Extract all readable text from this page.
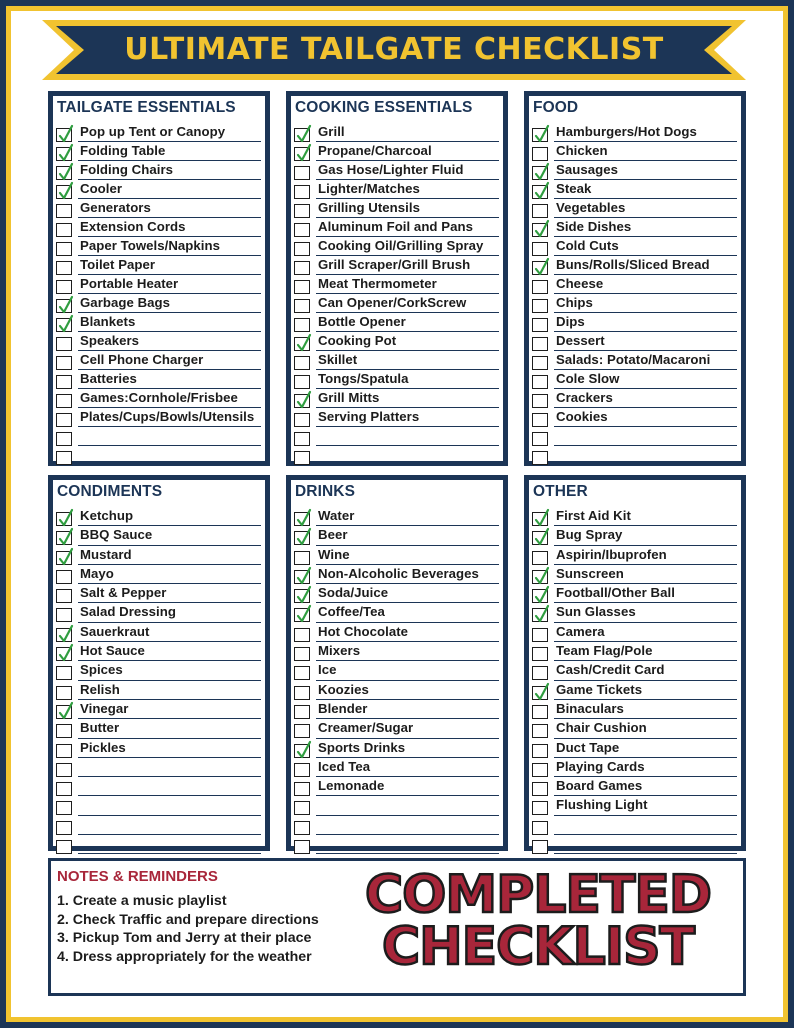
ULTIMATE TAILGATE CHECKLIST
TAILGATE ESSENTIALS
Pop up Tent or Canopy
Folding Table
Folding Chairs
Cooler
Generators
Extension Cords
Paper Towels/Napkins
Toilet Paper
Portable Heater
Garbage Bags
Blankets
Speakers
Cell Phone Charger
Batteries
Games:Cornhole/Frisbee
Plates/Cups/Bowls/Utensils
COOKING ESSENTIALS
Grill
Propane/Charcoal
Gas Hose/Lighter Fluid
Lighter/Matches
Grilling Utensils
Aluminum Foil and Pans
Cooking Oil/Grilling Spray
Grill Scraper/Grill Brush
Meat Thermometer
Can Opener/CorkScrew
Bottle Opener
Cooking Pot
Skillet
Tongs/Spatula
Grill Mitts
Serving Platters
FOOD
Hamburgers/Hot Dogs
Chicken
Sausages
Steak
Vegetables
Side Dishes
Cold Cuts
Buns/Rolls/Sliced Bread
Cheese
Chips
Dips
Dessert
Salads: Potato/Macaroni
Cole Slow
Crackers
Cookies
CONDIMENTS
Ketchup
BBQ Sauce
Mustard
Mayo
Salt & Pepper
Salad Dressing
Sauerkraut
Hot Sauce
Spices
Relish
Vinegar
Butter
Pickles
DRINKS
Water
Beer
Wine
Non-Alcoholic Beverages
Soda/Juice
Coffee/Tea
Hot Chocolate
Mixers
Ice
Koozies
Blender
Creamer/Sugar
Sports Drinks
Iced Tea
Lemonade
OTHER
First Aid Kit
Bug Spray
Aspirin/Ibuprofen
Sunscreen
Football/Other Ball
Sun Glasses
Camera
Team Flag/Pole
Cash/Credit Card
Game Tickets
Binaculars
Chair Cushion
Duct Tape
Playing Cards
Board Games
Flushing Light
NOTES & REMINDERS
1. Create a music playlist
2. Check Traffic and prepare directions
3. Pickup Tom and Jerry at their place
4. Dress appropriately for the weather
COMPLETED
CHECKLIST
